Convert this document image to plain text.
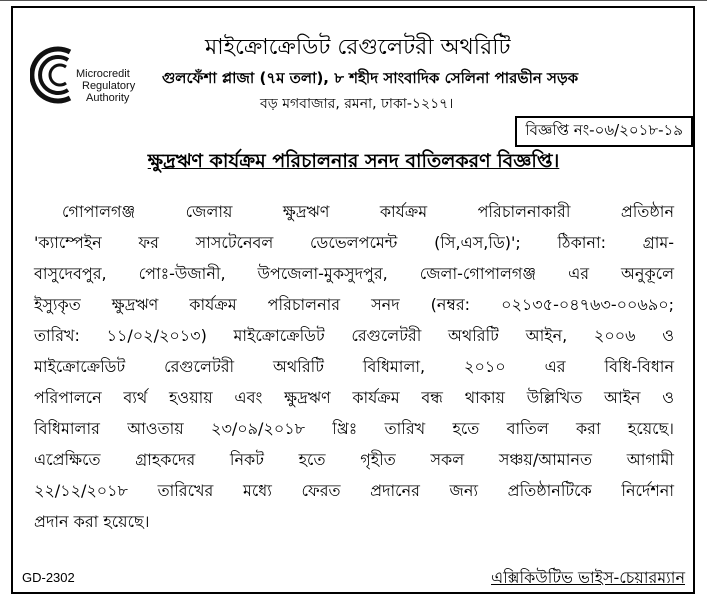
Microcredit
Regulatory
Authority
মাইক্রোক্রেডিট রেগুলেটরী অথরিটি
গুলফেঁশা প্লাজা (৭ম তলা), ৮ শহীদ সাংবাদিক সেলিনা পারভীন সড়ক
বড় মগবাজার, রমনা, ঢাকা-১২১৭।
বিজ্ঞপ্তি নং-০৬/২০১৮-১৯
ক্ষুদ্রঋণ কার্যক্রম পরিচালনার সনদ বাতিলকরণ বিজ্ঞপ্তি।
গোপালগঞ্জ জেলায় ক্ষুদ্রঋণ কার্যক্রম পরিচালনাকারী প্রতিষ্ঠান
'ক্যাম্পেইন ফর সাসটেনেবল ডেভেলপমেন্ট (সি,এস,ডি)'; ঠিকানা: গ্রাম-
বাসুদেবপুর, পোঃ-উজানী, উপজেলা-মুকসুদপুর, জেলা-গোপালগঞ্জ এর অনুকূলে
ইস্যুকৃত ক্ষুদ্রঋণ কার্যক্রম পরিচালনার সনদ (নম্বর: ০২১৩৫-০৪৭৬৩-০০৬৯০;
তারিখ: ১১/০২/২০১৩) মাইক্রোক্রেডিট রেগুলেটরী অথরিটি আইন, ২০০৬ ও
মাইক্রোক্রেডিট রেগুলেটরী অথরিটি বিধিমালা, ২০১০ এর বিধি-বিধান
পরিপালনে ব্যর্থ হওয়ায় এবং ক্ষুদ্রঋণ কার্যক্রম বন্ধ থাকায় উল্লিখিত আইন ও
বিধিমালার আওতায় ২৩/০৯/২০১৮ খ্রিঃ তারিখ হতে বাতিল করা হয়েছে।
এপ্রেক্ষিতে গ্রাহকদের নিকট হতে গৃহীত সকল সঞ্চয়/আমানত আগামী
২২/১২/২০১৮ তারিখের মধ্যে ফেরত প্রদানের জন্য প্রতিষ্ঠানটিকে নির্দেশনা
প্রদান করা হয়েছে।
GD-2302	এক্সিকিউটিভ ভাইস-চেয়ারম্যান
